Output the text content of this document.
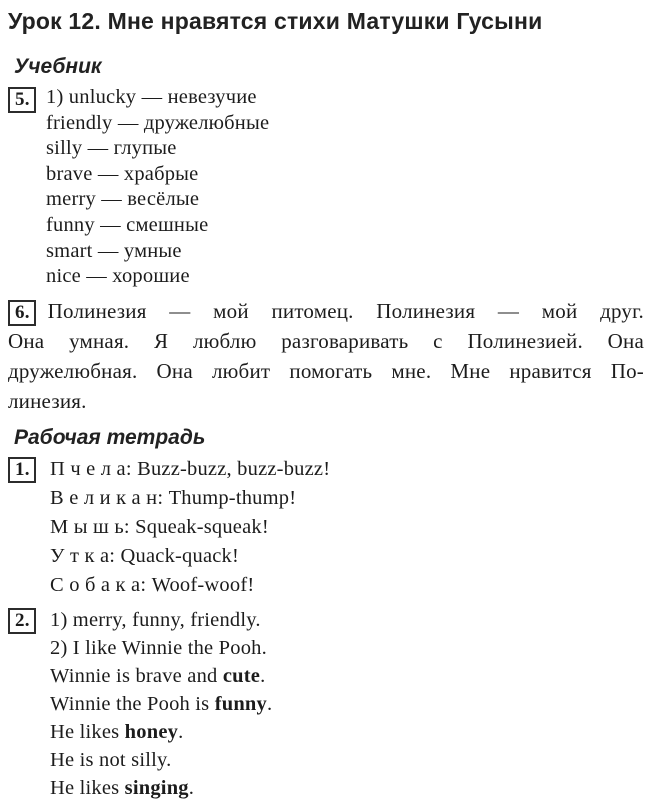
Урок 12. Мне нравятся стихи Матушки Гусыни
Учебник
5. 1) unlucky — невезучие
friendly — дружелюбные
silly — глупые
brave — храбрые
merry — весёлые
funny — смешные
smart — умные
nice — хорошие
6. Полинезия — мой питомец. Полинезия — мой друг.
Она умная. Я люблю разговаривать с Полинезией. Она
дружелюбная. Она любит помогать мне. Мне нравится По-
линезия.
Рабочая тетрадь
1. П ч е л а: Buzz-buzz, buzz-buzz!
В е л и к а н: Thump-thump!
М ы ш ь: Squeak-squeak!
У т к а: Quack-quack!
С о б а к а: Woof-woof!
2. 1) merry, funny, friendly.
2) I like Winnie the Pooh.
Winnie is brave and cute.
Winnie the Pooh is funny.
He likes honey.
He is not silly.
He likes singing.
